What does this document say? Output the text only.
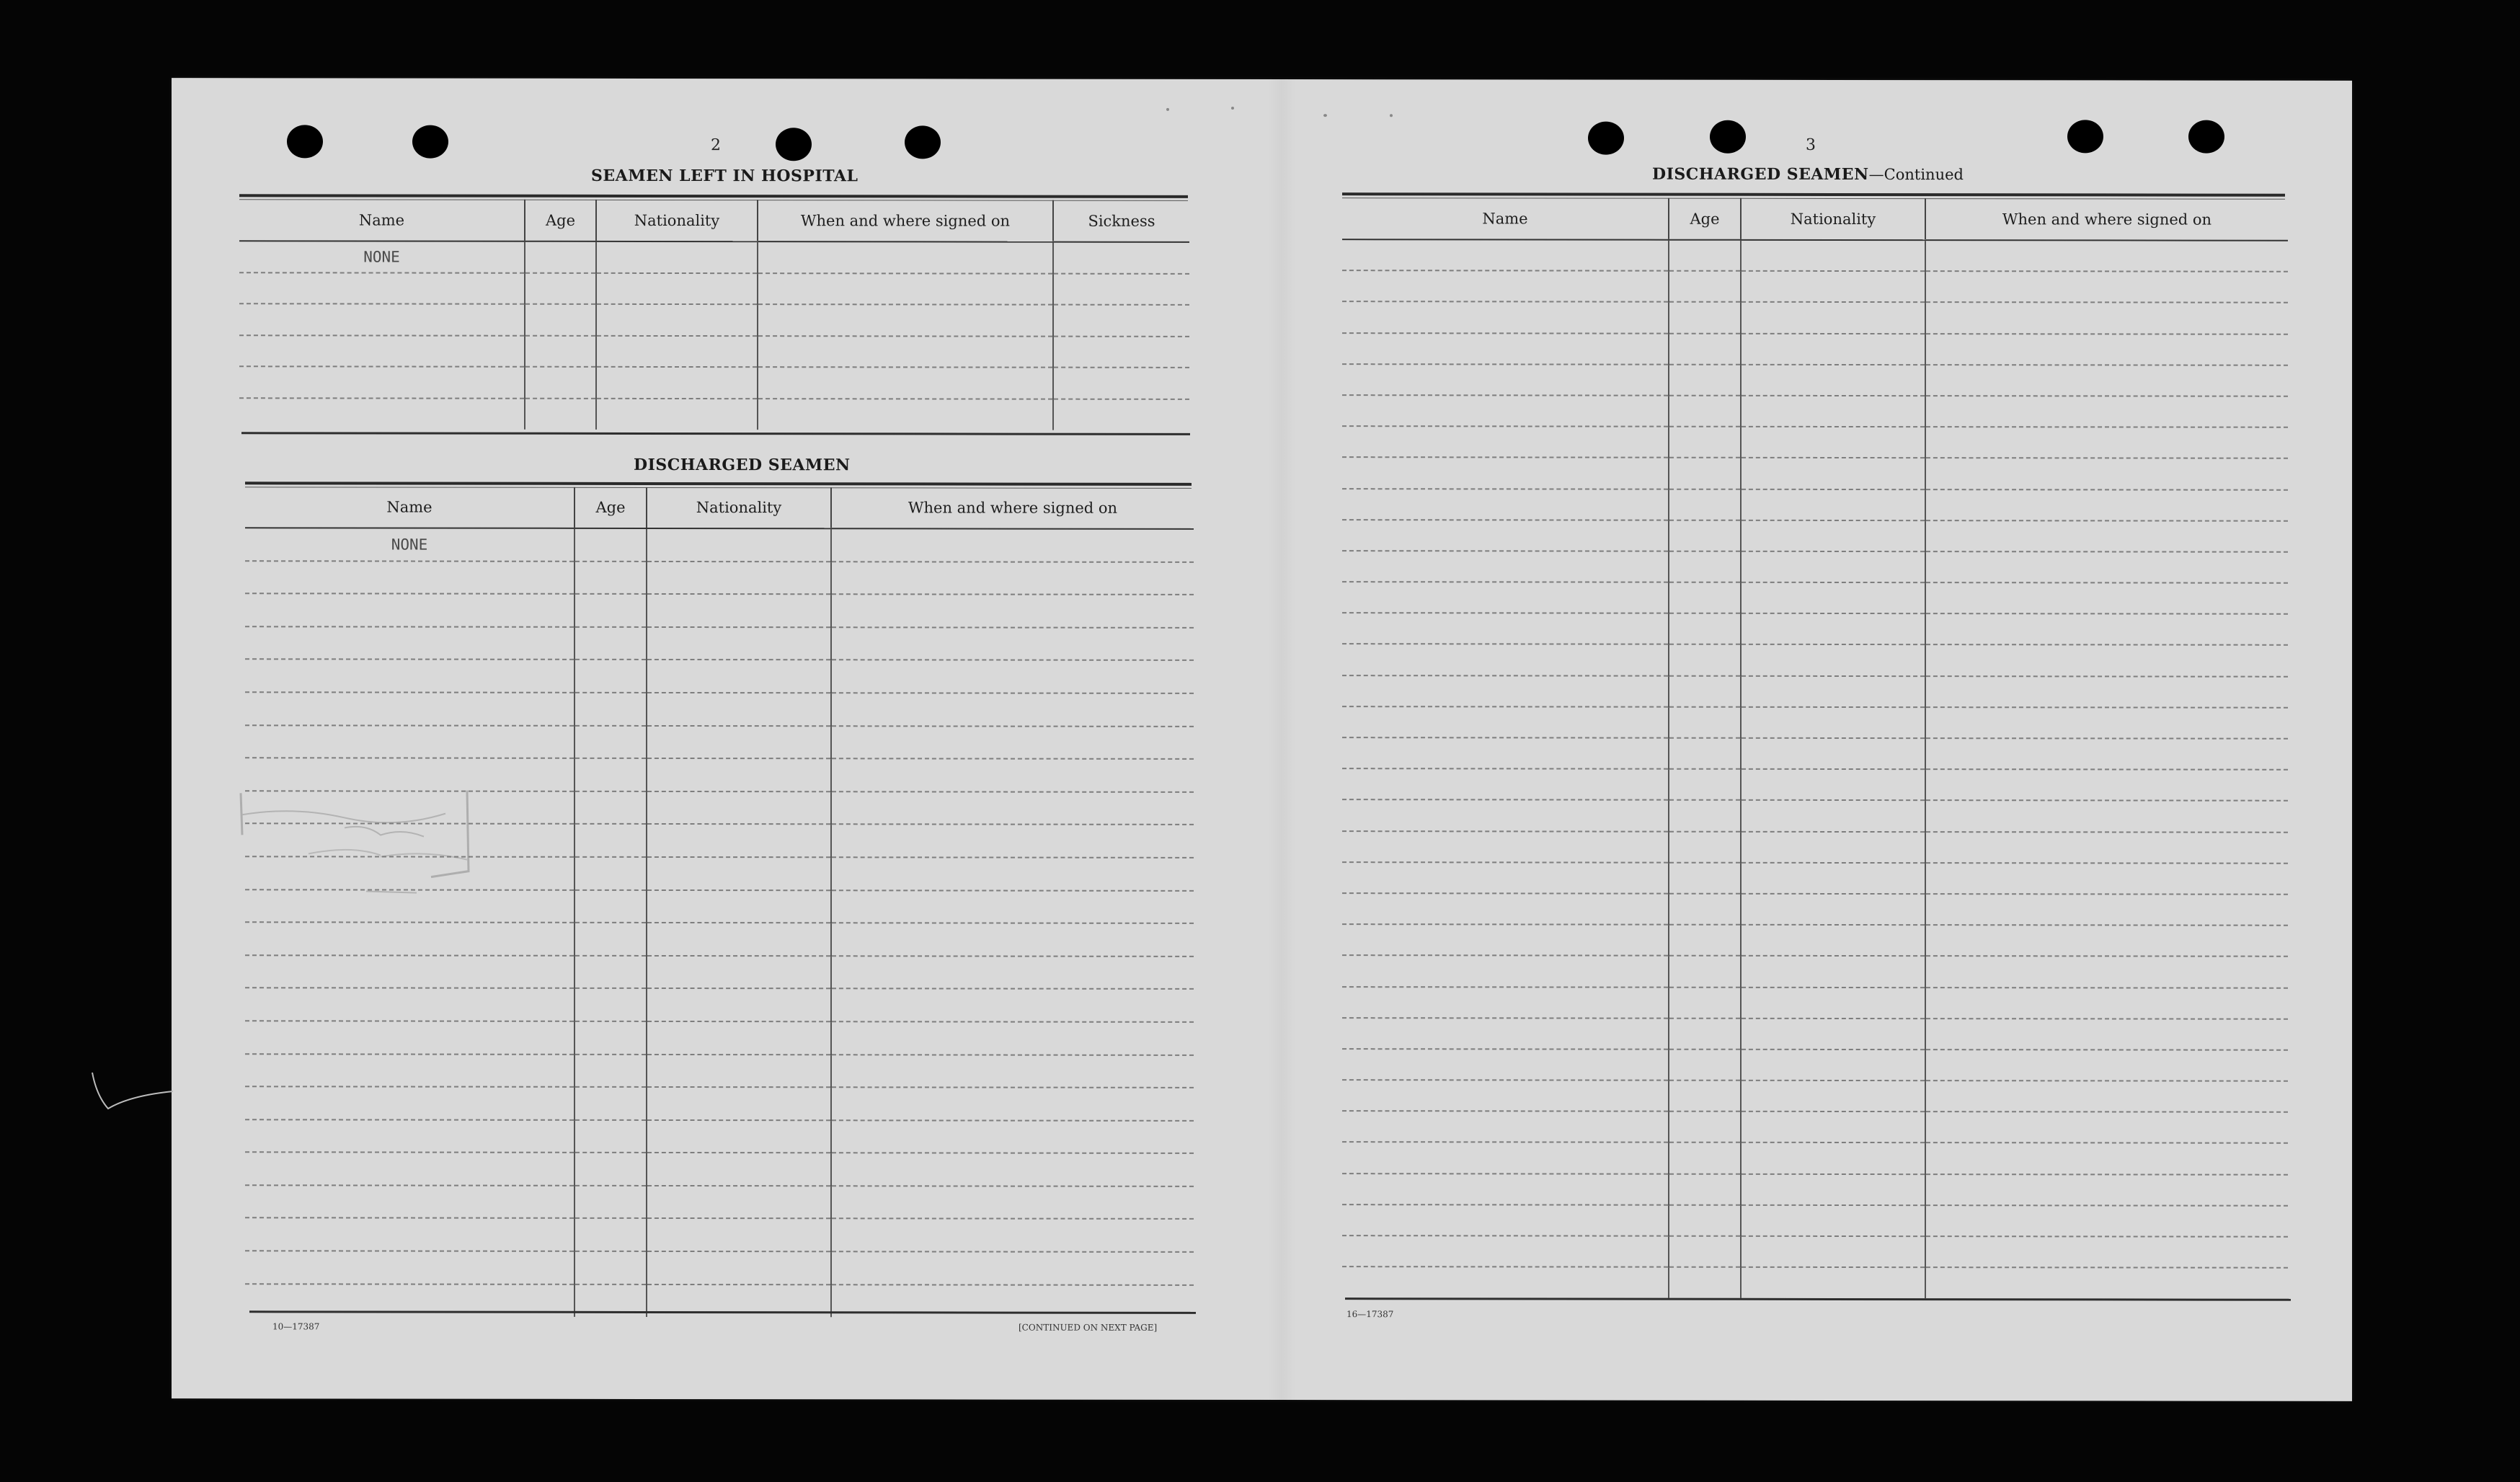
2
SEAMEN LEFT IN HOSPITAL
Name	Age	Nationality	When and where signed on	Sickness
NONE				

DISCHARGED SEAMEN
Name	Age	Nationality	When and where signed on
NONE			

10—17387	[CONTINUED ON NEXT PAGE]
3
DISCHARGED SEAMEN—Continued
Name	Age	Nationality	When and where signed on

16—17387
